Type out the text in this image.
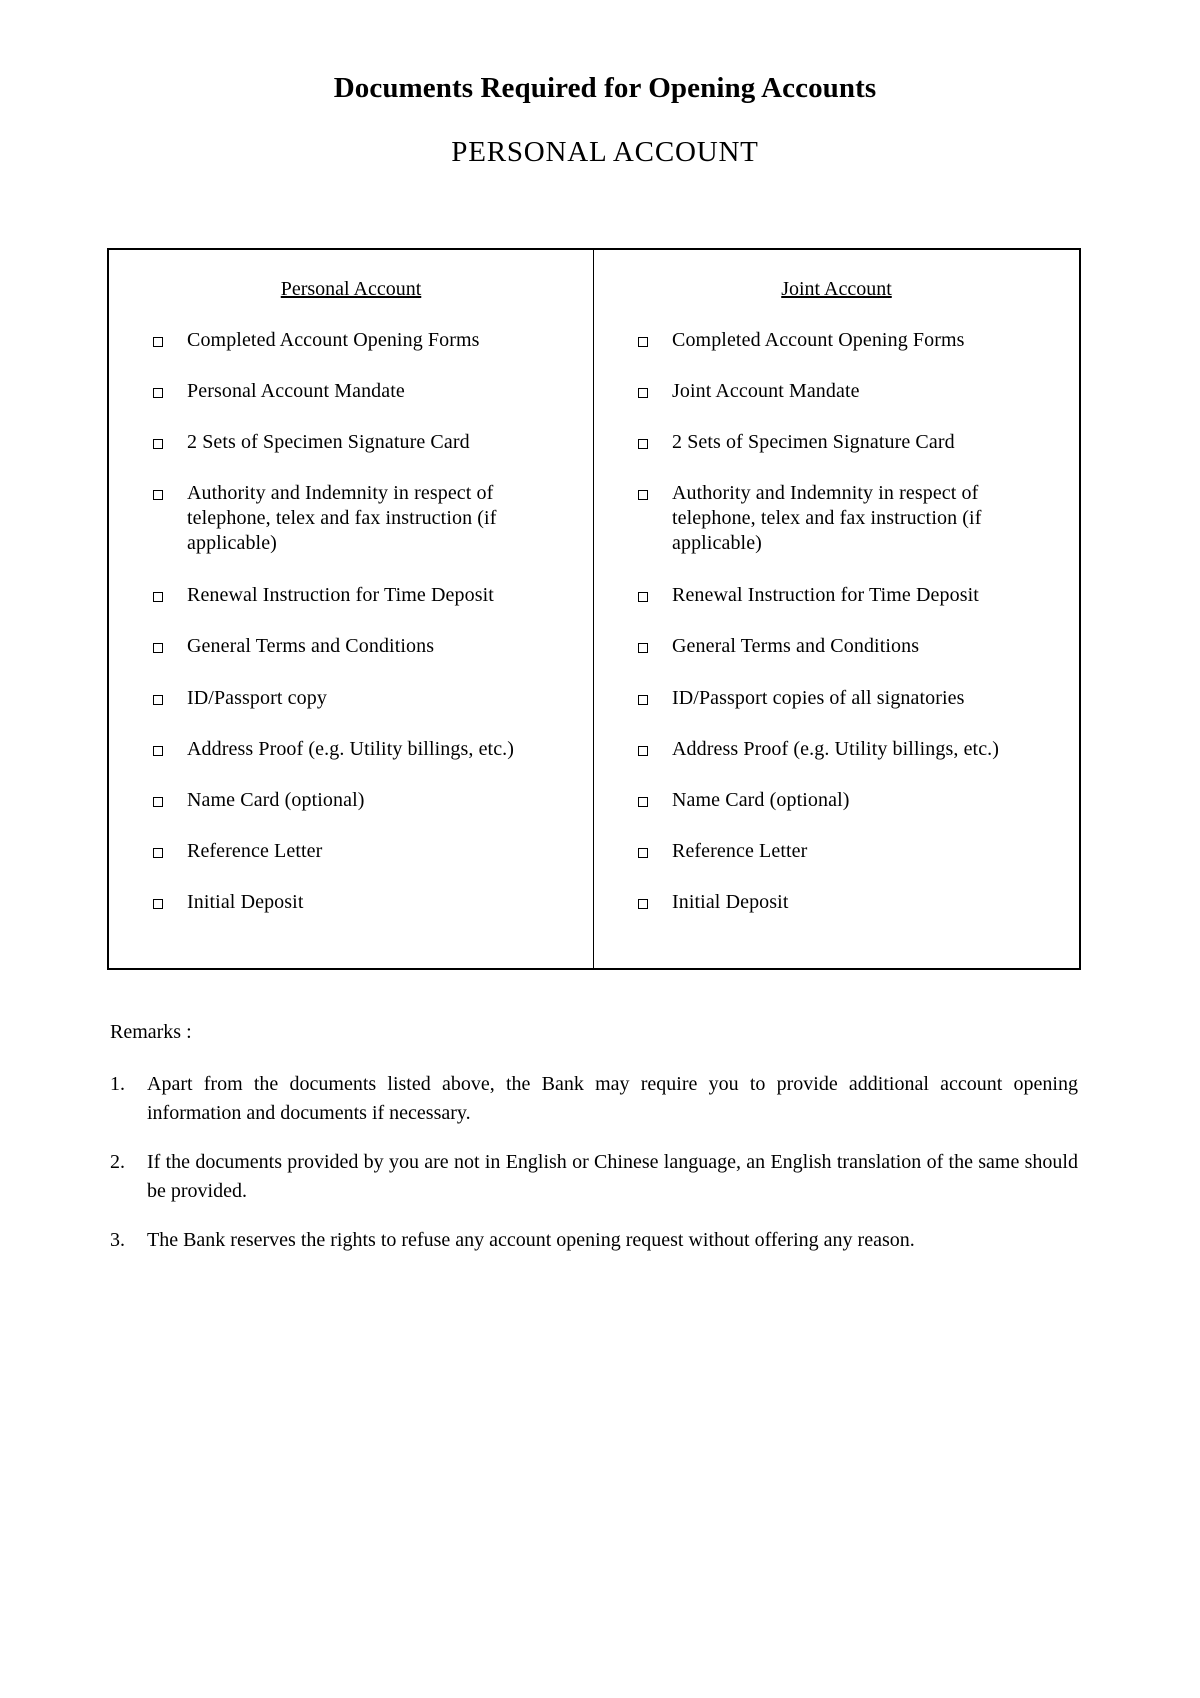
Documents Required for Opening Accounts
PERSONAL ACCOUNT
Personal Account
Completed Account Opening Forms
Personal Account Mandate
2 Sets of Specimen Signature Card
Authority and Indemnity in respect of telephone, telex and fax instruction (if applicable)
Renewal Instruction for Time Deposit
General Terms and Conditions
ID/Passport copy
Address Proof (e.g. Utility billings, etc.)
Name Card (optional)
Reference Letter
Initial Deposit
Joint Account
Completed Account Opening Forms
Joint Account Mandate
2 Sets of Specimen Signature Card
Authority and Indemnity in respect of telephone, telex and fax instruction (if applicable)
Renewal Instruction for Time Deposit
General Terms and Conditions
ID/Passport copies of all signatories
Address Proof (e.g. Utility billings, etc.)
Name Card (optional)
Reference Letter
Initial Deposit
Remarks :
1. Apart from the documents listed above, the Bank may require you to provide additional account opening information and documents if necessary.
2. If the documents provided by you are not in English or Chinese language, an English translation of the same should be provided.
3. The Bank reserves the rights to refuse any account opening request without offering any reason.
